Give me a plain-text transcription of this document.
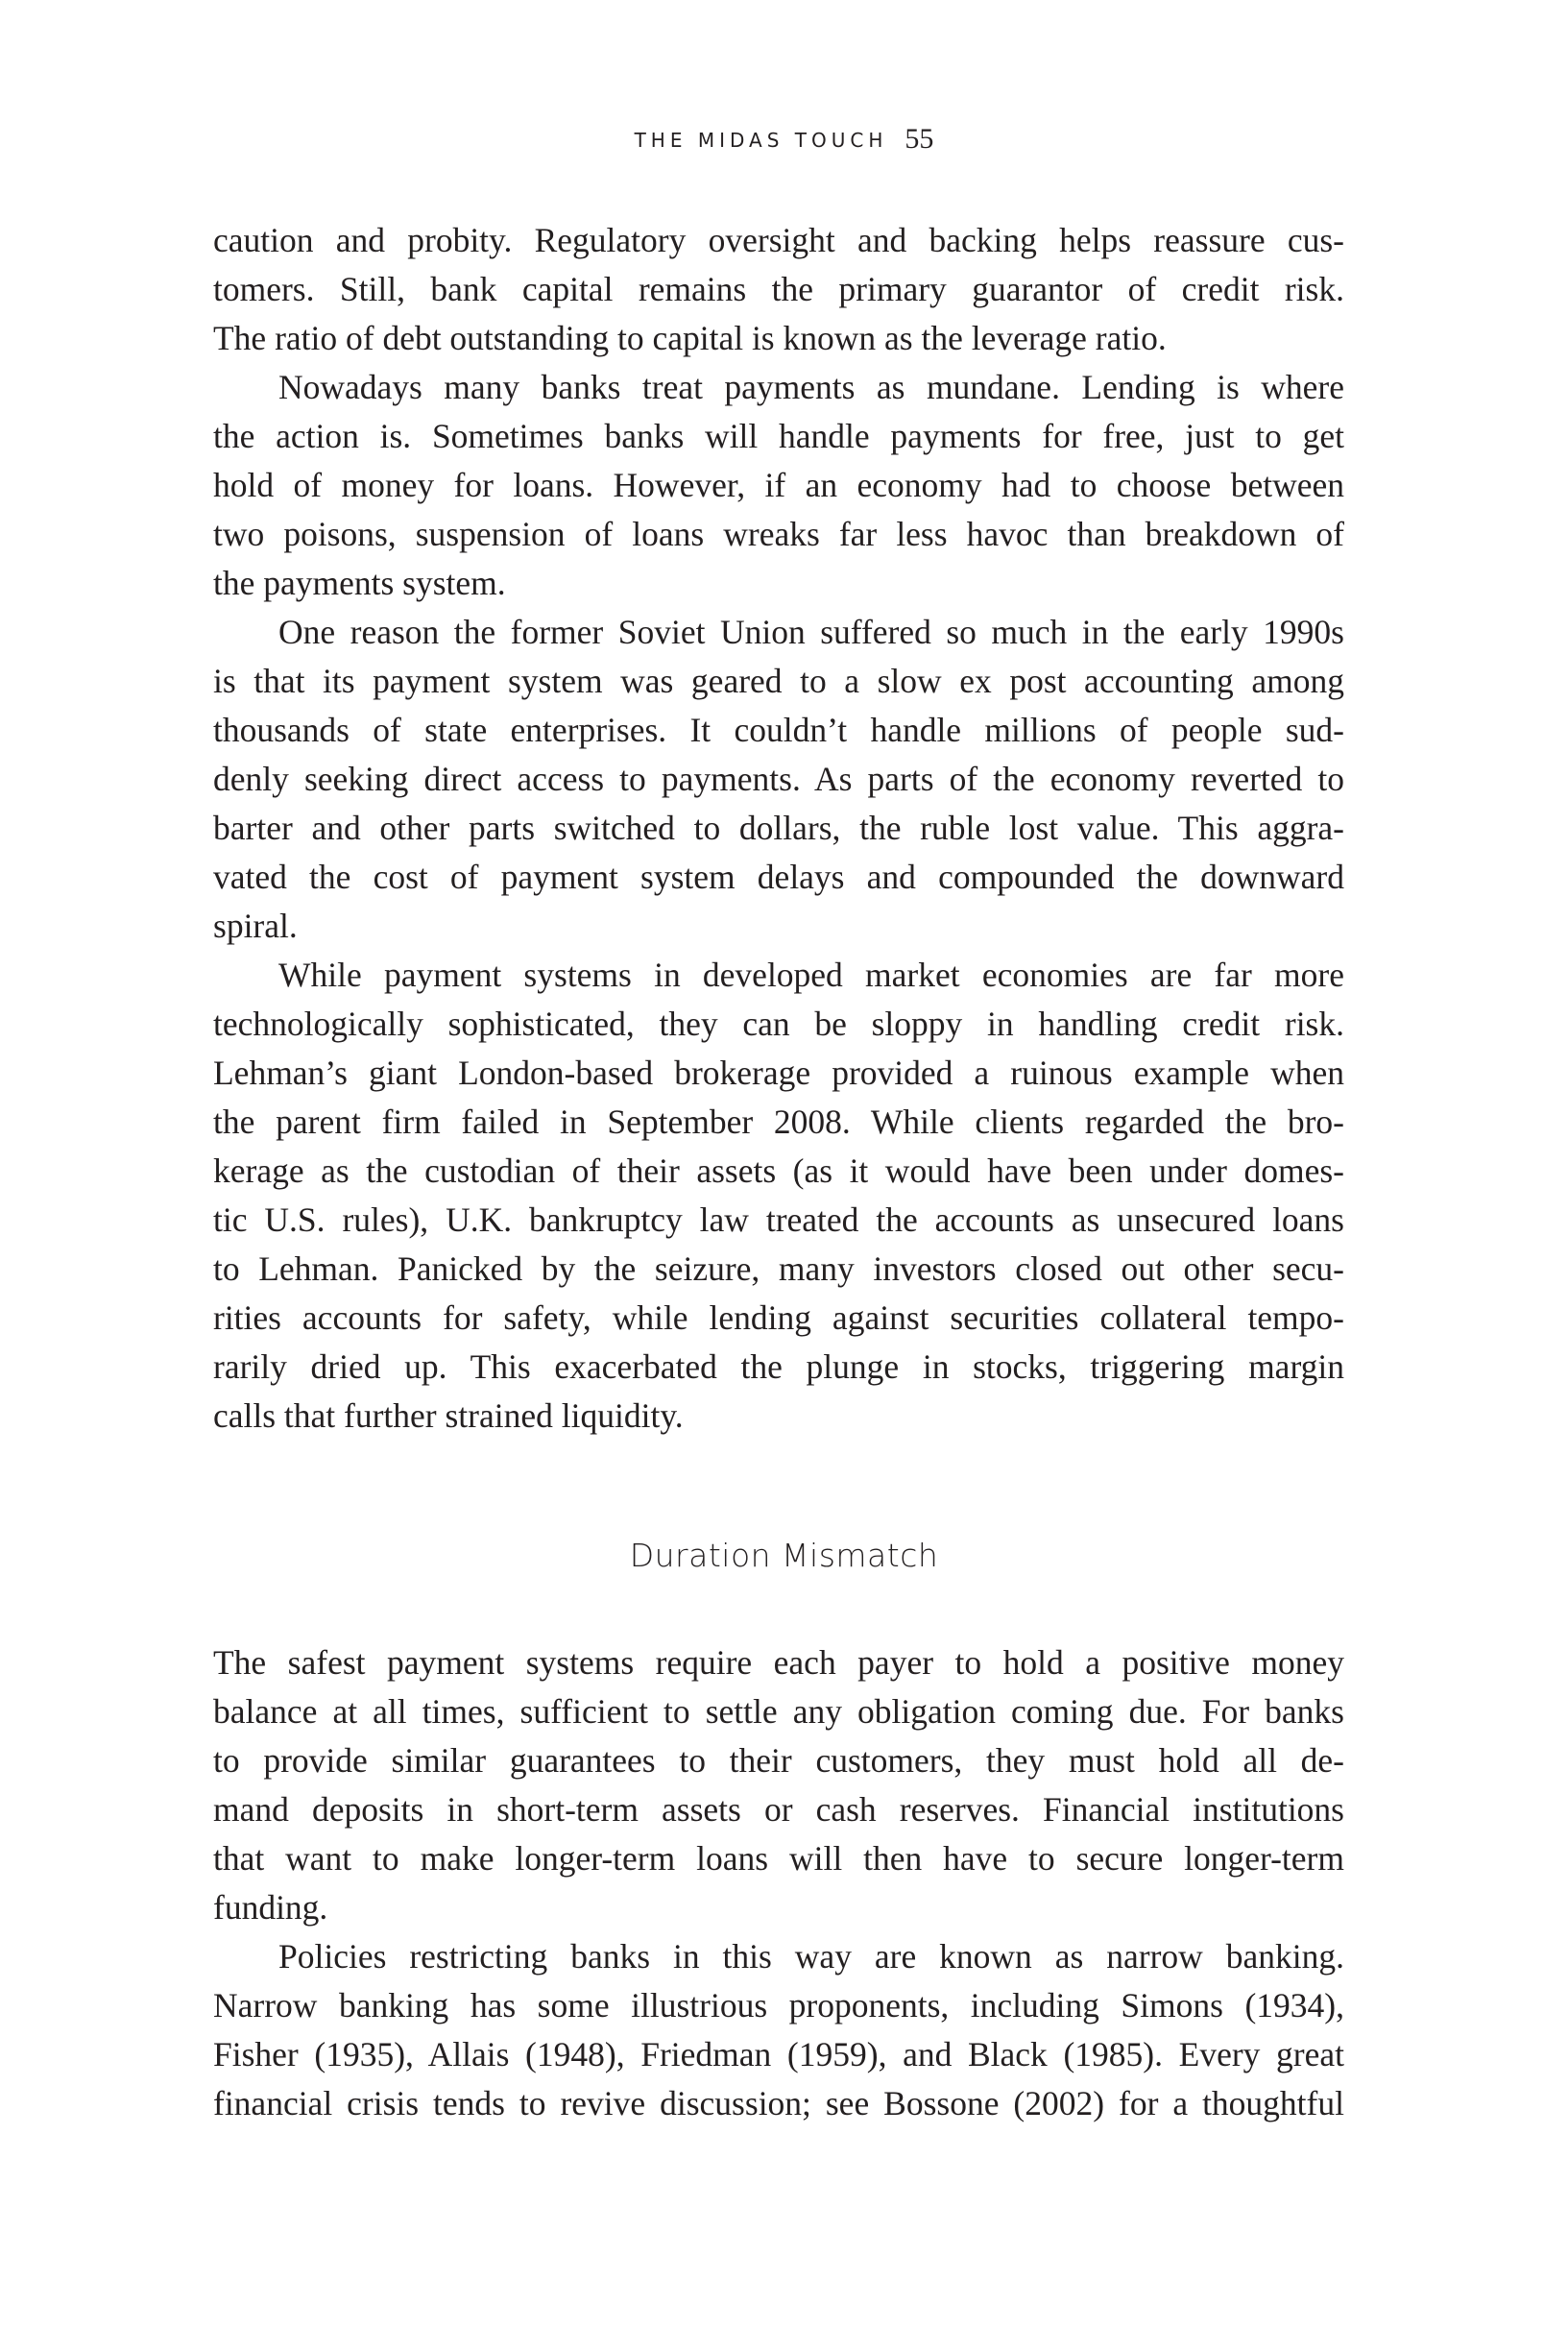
THE MIDAS TOUCH 55
caution and probity. Regulatory oversight and backing helps reassure cus-
tomers. Still, bank capital remains the primary guarantor of credit risk.
The ratio of debt outstanding to capital is known as the leverage ratio.
Nowadays many banks treat payments as mundane. Lending is where
the action is. Sometimes banks will handle payments for free, just to get
hold of money for loans. However, if an economy had to choose between
two poisons, suspension of loans wreaks far less havoc than breakdown of
the payments system.
One reason the former Soviet Union suffered so much in the early 1990s
is that its payment system was geared to a slow ex post accounting among
thousands of state enterprises. It couldn’t handle millions of people sud-
denly seeking direct access to payments. As parts of the economy reverted to
barter and other parts switched to dollars, the ruble lost value. This aggra-
vated the cost of payment system delays and compounded the downward
spiral.
While payment systems in developed market economies are far more
technologically sophisticated, they can be sloppy in handling credit risk.
Lehman’s giant London-based brokerage provided a ruinous example when
the parent firm failed in September 2008. While clients regarded the bro-
kerage as the custodian of their assets (as it would have been under domes-
tic U.S. rules), U.K. bankruptcy law treated the accounts as unsecured loans
to Lehman. Panicked by the seizure, many investors closed out other secu-
rities accounts for safety, while lending against securities collateral tempo-
rarily dried up. This exacerbated the plunge in stocks, triggering margin
calls that further strained liquidity.
Duration Mismatch
The safest payment systems require each payer to hold a positive money
balance at all times, sufficient to settle any obligation coming due. For banks
to provide similar guarantees to their customers, they must hold all de-
mand deposits in short-term assets or cash reserves. Financial institutions
that want to make longer-term loans will then have to secure longer-term
funding.
Policies restricting banks in this way are known as narrow banking.
Narrow banking has some illustrious proponents, including Simons (1934),
Fisher (1935), Allais (1948), Friedman (1959), and Black (1985). Every great
financial crisis tends to revive discussion; see Bossone (2002) for a thoughtful
